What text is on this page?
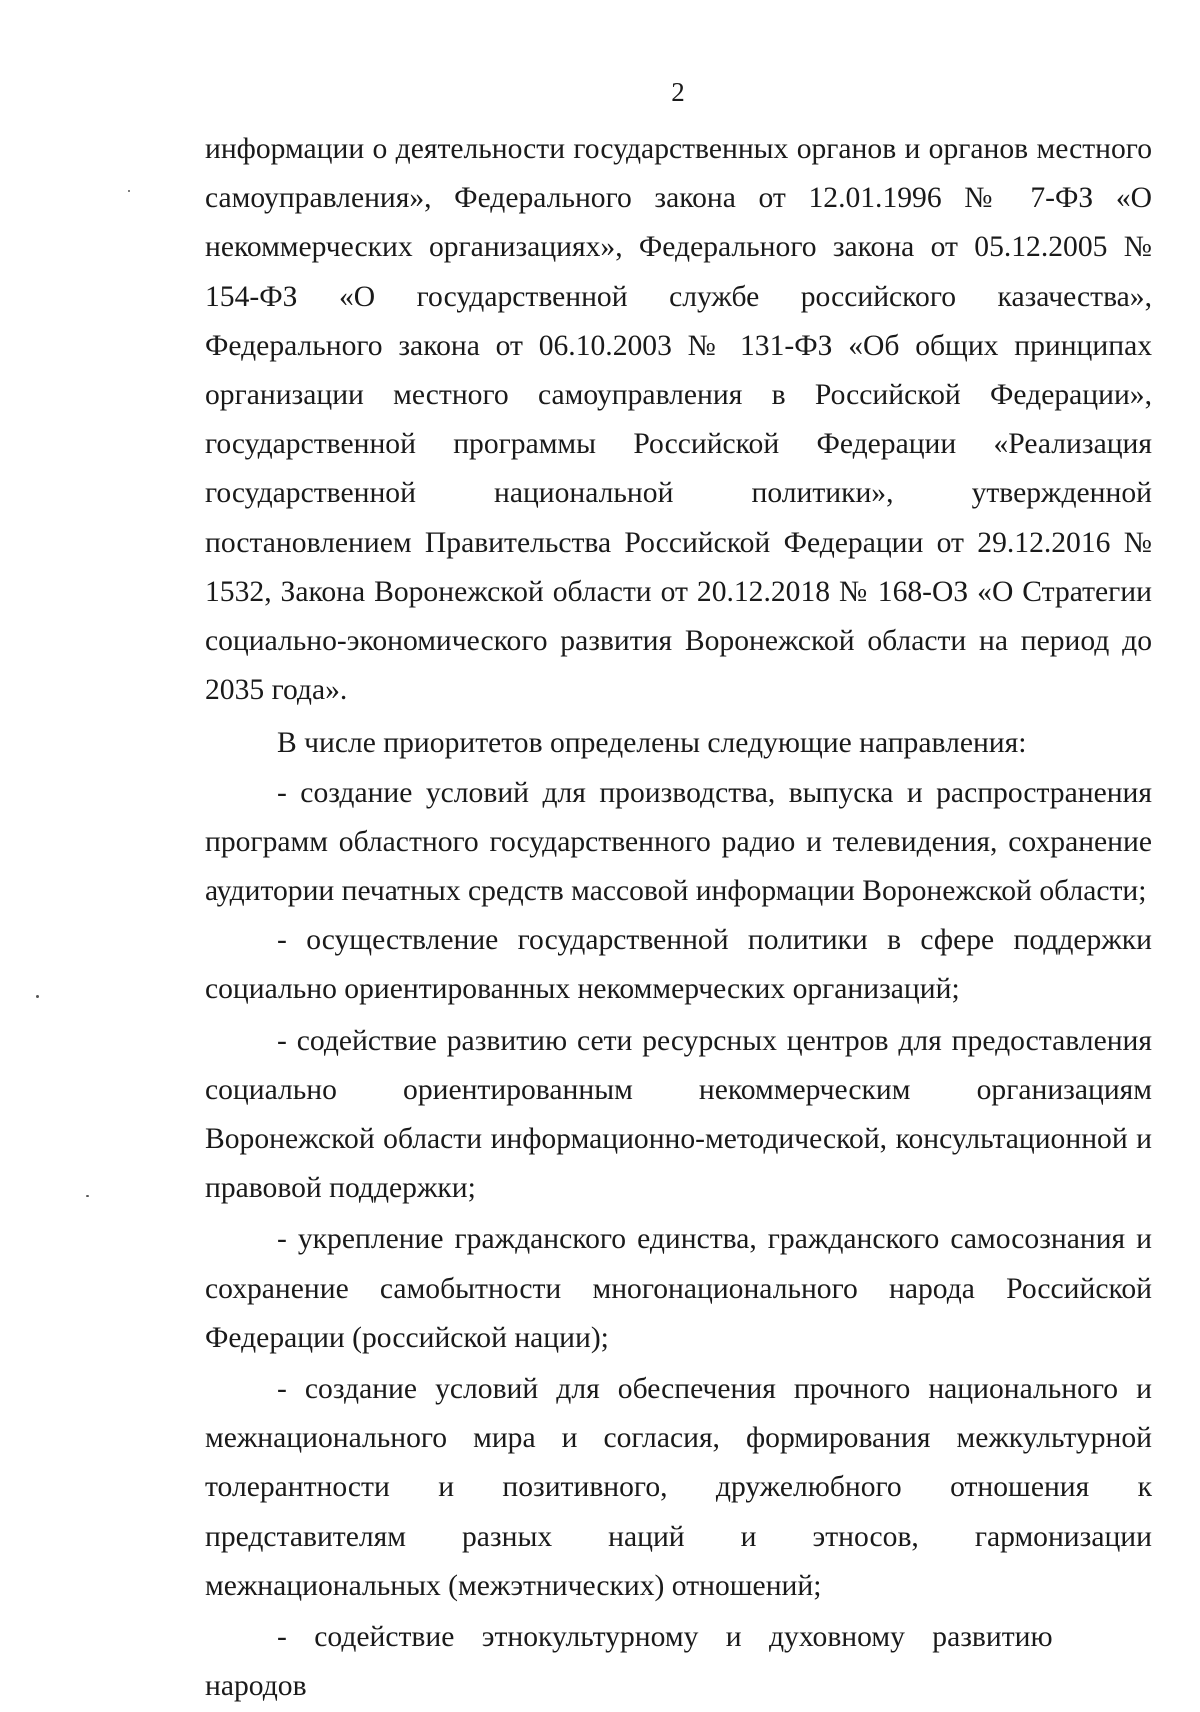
2

информации о деятельности государственных органов и органов местного самоуправления», Федерального закона от 12.01.1996 № 7-ФЗ «О некоммерческих организациях», Федерального закона от 05.12.2005 № 154-ФЗ «О государственной службе российского казачества», Федерального закона от 06.10.2003 № 131-ФЗ «Об общих принципах организации местного самоуправления в Российской Федерации», государственной программы Российской Федерации «Реализация государственной национальной политики», утвержденной постановлением Правительства Российской Федерации от 29.12.2016 № 1532, Закона Воронежской области от 20.12.2018 № 168-ОЗ «О Стратегии социально-экономического развития Воронежской области на период до 2035 года».

В числе приоритетов определены следующие направления:

- создание условий для производства, выпуска и распространения программ областного государственного радио и телевидения, сохранение аудитории печатных средств массовой информации Воронежской области;

- осуществление государственной политики в сфере поддержки социально ориентированных некоммерческих организаций;

- содействие развитию сети ресурсных центров для предоставления социально ориентированным некоммерческим организациям Воронежской области информационно-методической, консультационной и правовой поддержки;

- укрепление гражданского единства, гражданского самосознания и сохранение самобытности многонационального народа Российской Федерации (российской нации);

- создание условий для обеспечения прочного национального и межнационального мира и согласия, формирования межкультурной толерантности и позитивного, дружелюбного отношения к представителям разных наций и этносов, гармонизации межнациональных (межэтнических) отношений;

- содействие этнокультурному и духовному развитию народов
